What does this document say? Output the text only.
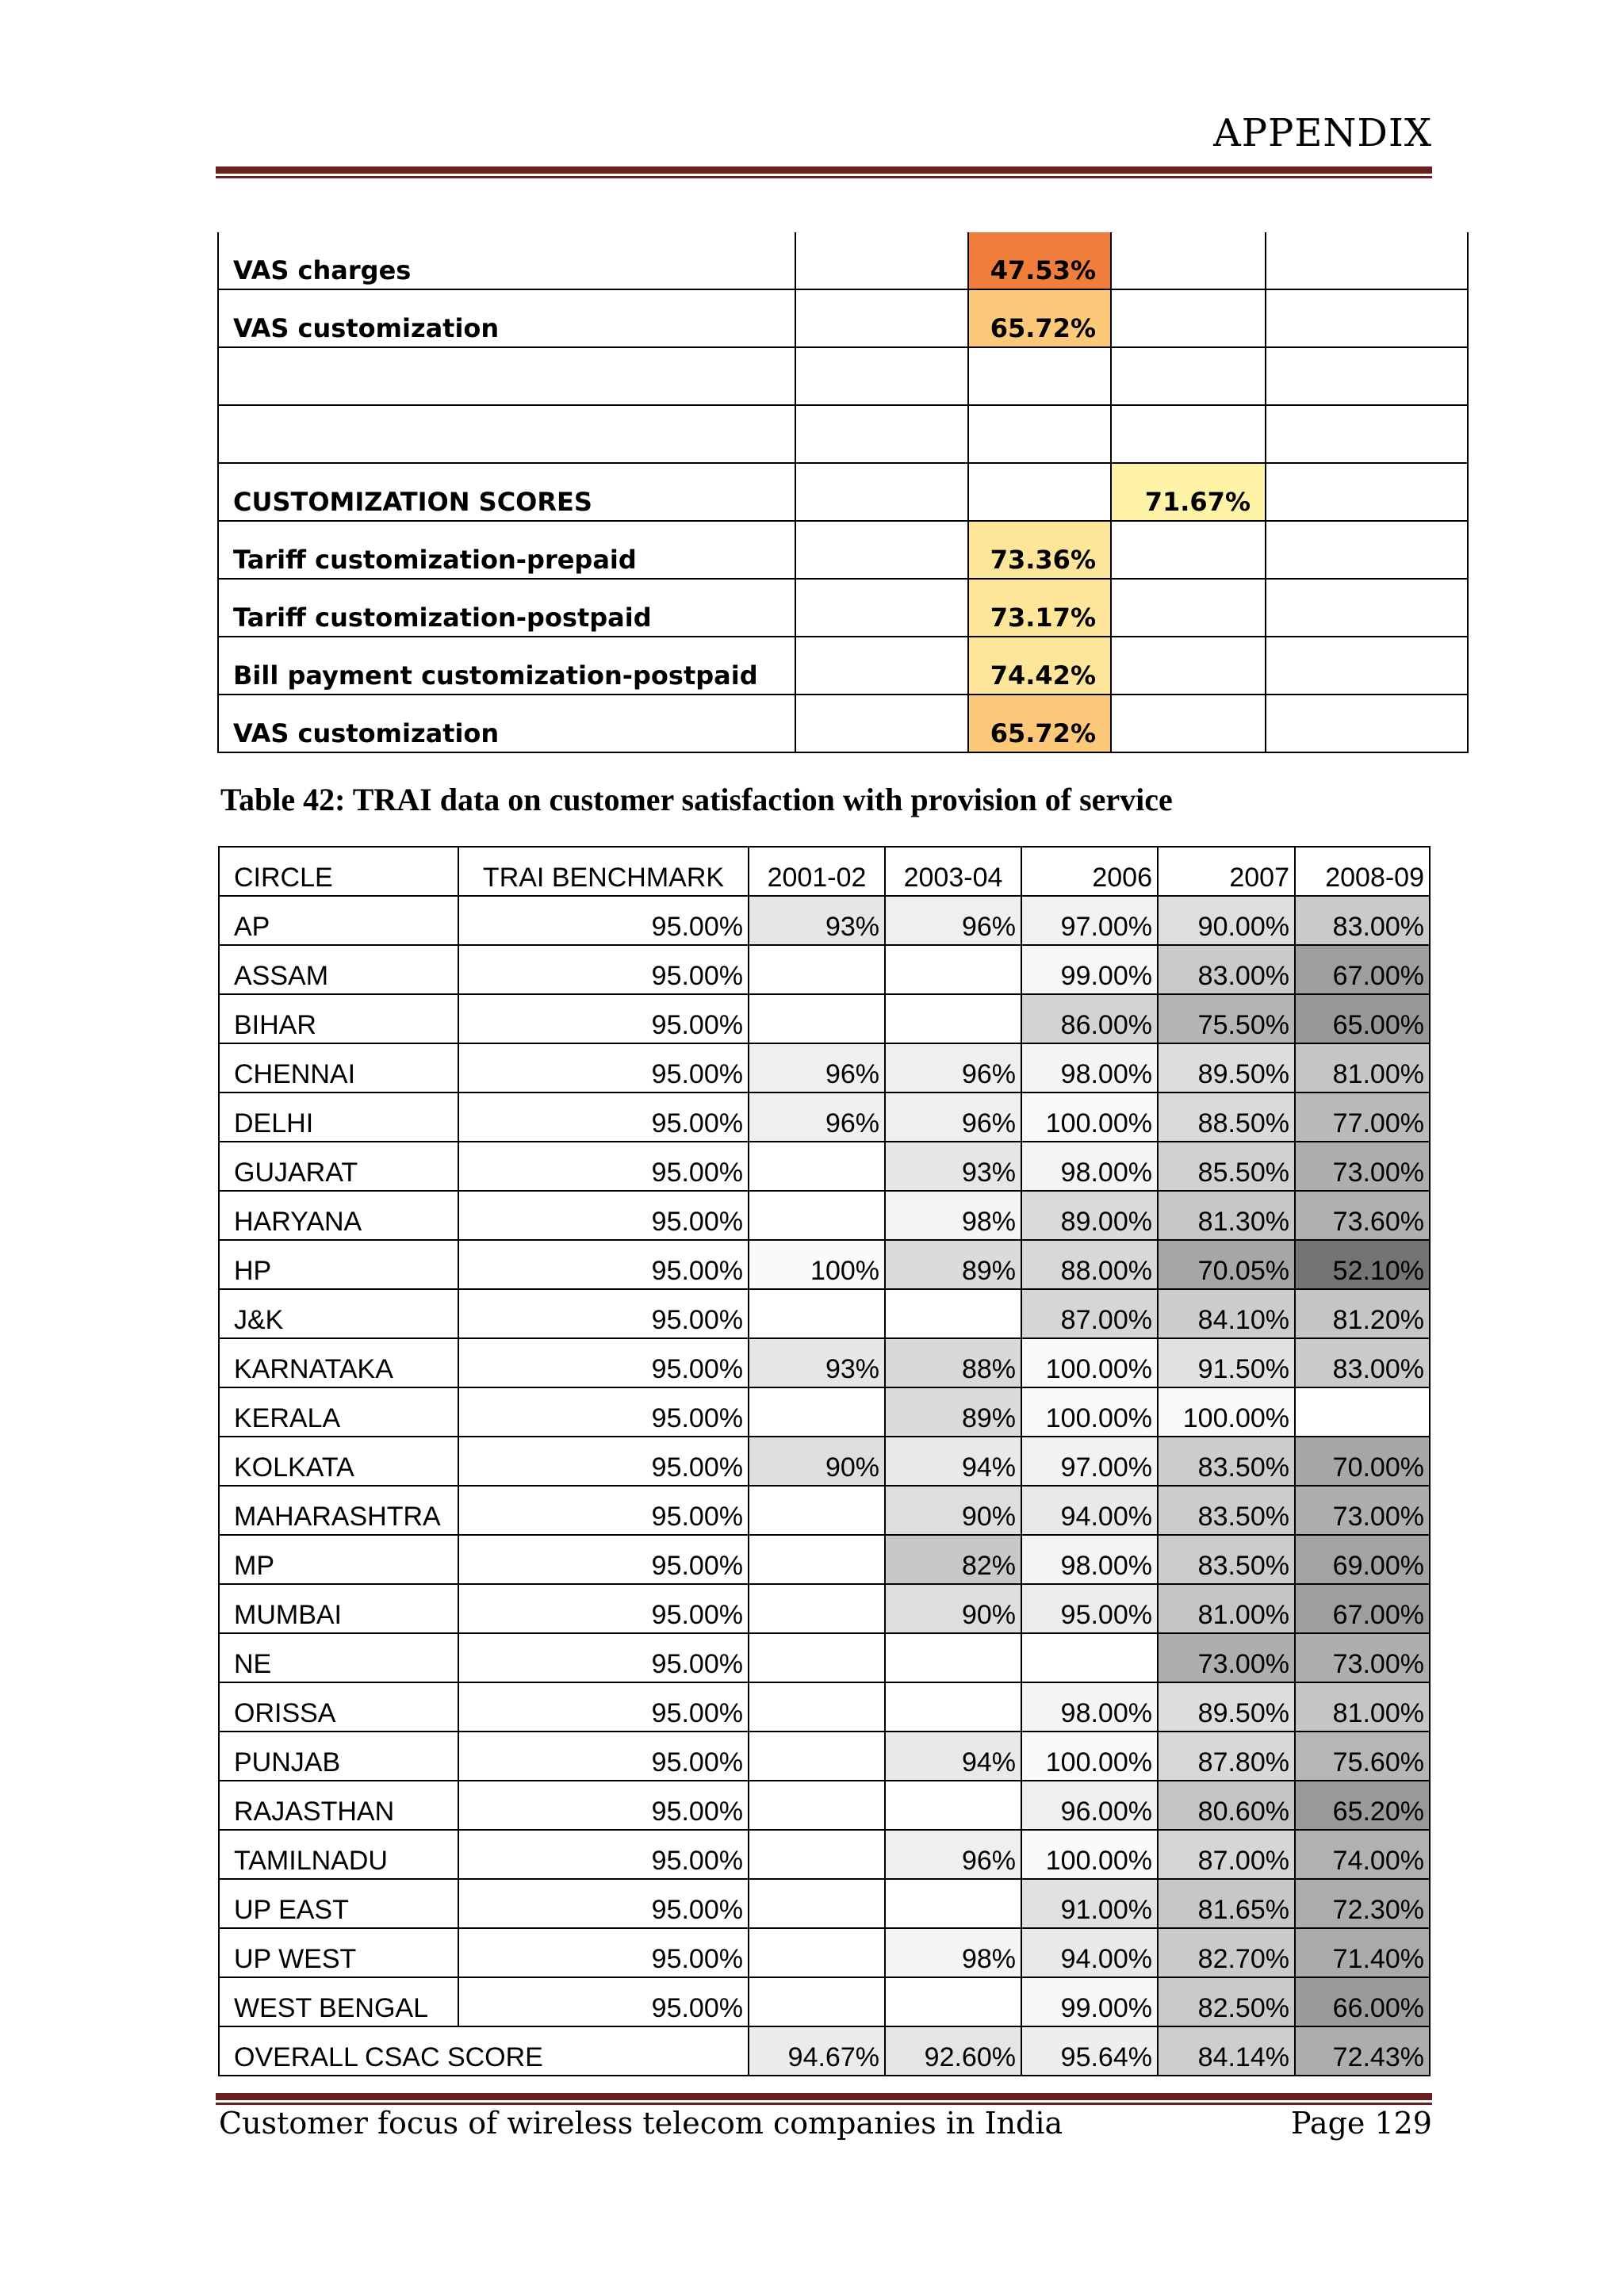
APPENDIX
VAS charges		47.53%		
VAS customization		65.72%		

CUSTOMIZATION SCORES			71.67%	
Tariff customization-prepaid		73.36%		
Tariff customization-postpaid		73.17%		
Bill payment customization-postpaid		74.42%		
VAS customization		65.72%		
Table 42: TRAI data on customer satisfaction with provision of service
CIRCLE	TRAI BENCHMARK	2001-02	2003-04	2006	2007	2008-09
AP	95.00%	93%	96%	97.00%	90.00%	83.00%
ASSAM	95.00%			99.00%	83.00%	67.00%
BIHAR	95.00%			86.00%	75.50%	65.00%
CHENNAI	95.00%	96%	96%	98.00%	89.50%	81.00%
DELHI	95.00%	96%	96%	100.00%	88.50%	77.00%
GUJARAT	95.00%		93%	98.00%	85.50%	73.00%
HARYANA	95.00%		98%	89.00%	81.30%	73.60%
HP	95.00%	100%	89%	88.00%	70.05%	52.10%
J&K	95.00%			87.00%	84.10%	81.20%
KARNATAKA	95.00%	93%	88%	100.00%	91.50%	83.00%
KERALA	95.00%		89%	100.00%	100.00%	
KOLKATA	95.00%	90%	94%	97.00%	83.50%	70.00%
MAHARASHTRA	95.00%		90%	94.00%	83.50%	73.00%
MP	95.00%		82%	98.00%	83.50%	69.00%
MUMBAI	95.00%		90%	95.00%	81.00%	67.00%
NE	95.00%				73.00%	73.00%
ORISSA	95.00%			98.00%	89.50%	81.00%
PUNJAB	95.00%		94%	100.00%	87.80%	75.60%
RAJASTHAN	95.00%			96.00%	80.60%	65.20%
TAMILNADU	95.00%		96%	100.00%	87.00%	74.00%
UP EAST	95.00%			91.00%	81.65%	72.30%
UP WEST	95.00%		98%	94.00%	82.70%	71.40%
WEST BENGAL	95.00%			99.00%	82.50%	66.00%
OVERALL CSAC SCORE		94.67%	92.60%	95.64%	84.14%	72.43%
Customer focus of wireless telecom companies in India	Page 129
